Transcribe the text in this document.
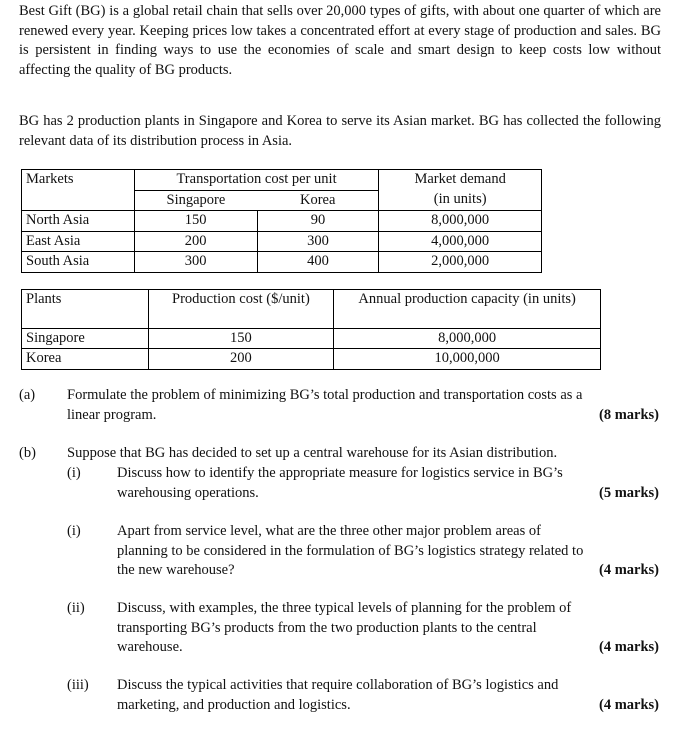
Best Gift (BG) is a global retail chain that sells over 20,000 types of gifts, with about one quarter of which are renewed every year. Keeping prices low takes a concentrated effort at every stage of production and sales. BG is persistent in finding ways to use the economies of scale and smart design to keep costs low without affecting the quality of BG products.
BG has 2 production plants in Singapore and Korea to serve its Asian market. BG has collected the following relevant data of its distribution process in Asia.
Markets	Transportation cost per unit		Market demand
	Singapore	Korea	(in units)
North Asia	150	90	8,000,000
East Asia	200	300	4,000,000
South Asia	300	400	2,000,000
Plants	Production cost ($/unit)	Annual production capacity (in units)

Singapore	150	8,000,000
Korea	200	10,000,000
(a) Formulate the problem of minimizing BG’s total production and transportation costs as a
linear program.	(8 marks)
(b) Suppose that BG has decided to set up a central warehouse for its Asian distribution.
(i)	Discuss how to identify the appropriate measure for logistics service in BG’s
warehousing operations.	(5 marks)
(i)	Apart from service level, what are the three other major problem areas of
planning to be considered in the formulation of BG’s logistics strategy related to
the new warehouse?	(4 marks)
(ii) Discuss, with examples, the three typical levels of planning for the problem of
transporting BG’s products from the two production plants to the central
warehouse.	(4 marks)
(iii) Discuss the typical activities that require collaboration of BG’s logistics and
marketing, and production and logistics.	(4 marks)
